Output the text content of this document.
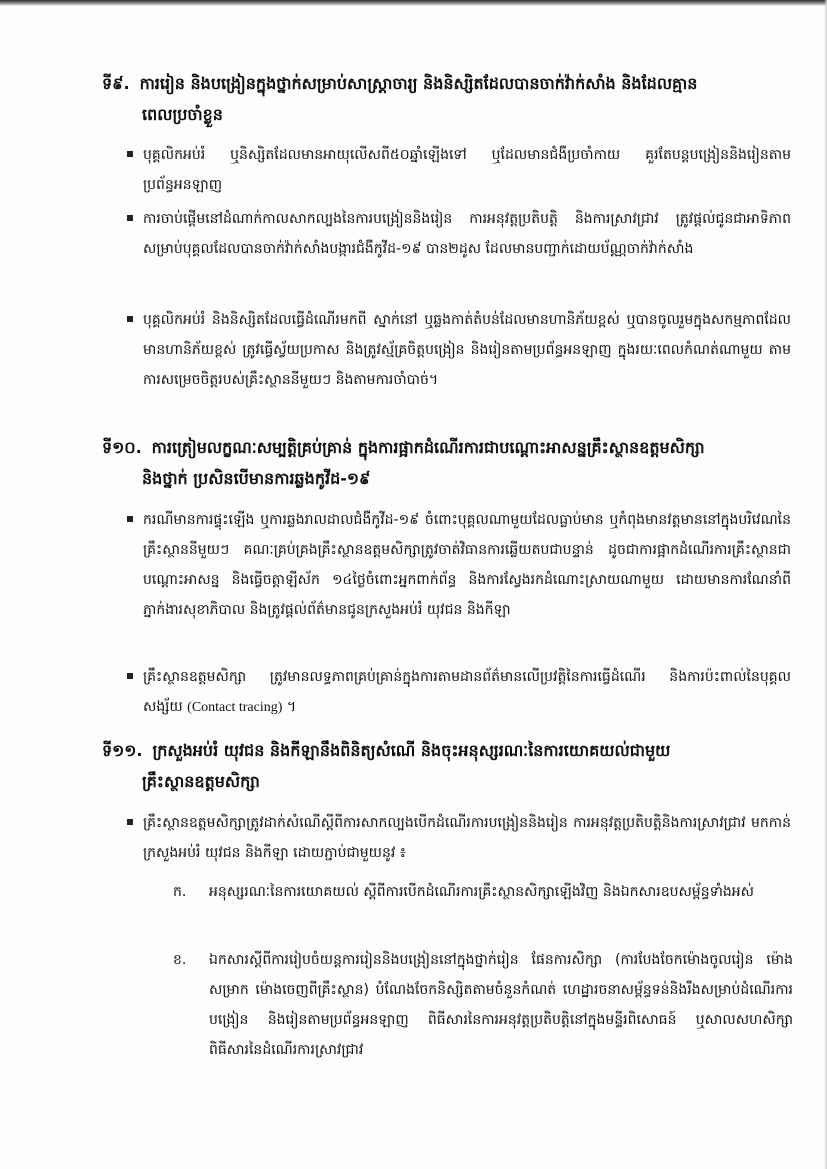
ទី៩. ការរៀន និងបង្រៀនក្នុងថ្នាក់សម្រាប់សាស្ត្រាចារ្យ និងនិស្សិតដែលបានចាក់វ៉ាក់សាំង និងដែលគ្មាន
ពេលប្រចាំខ្លួន

បុគ្គលិកអប់រំ ឬនិស្សិតដែលមានអាយុលើសពី៥០ឆ្នាំឡើងទៅ ឬដែលមានជំងឺប្រចាំកាយ គួរតែបន្តបង្រៀននិងរៀនតាមប្រព័ន្ធអនឡាញ

ការចាប់ផ្តើមនៅដំណាក់កាលសាកល្បងនៃការបង្រៀននិងរៀន ការអនុវត្តប្រតិបត្តិ និងការស្រាវជ្រាវ ត្រូវផ្តល់ជូនជាអាទិភាពសម្រាប់បុគ្គលដែលបានចាក់វ៉ាក់សាំងបង្ការជំងឺកូវីដ-១៩ បាន២ដូស ដែលមានបញ្ជាក់ដោយប័ណ្ណចាក់វ៉ាក់សាំង

បុគ្គលិកអប់រំ និងនិស្សិតដែលធ្វើដំណើរមកពី ស្នាក់នៅ ឬឆ្លងកាត់តំបន់ដែលមានហានិភ័យខ្ពស់ ឬបានចូលរួមក្នុងសកម្មភាពដែលមានហានិភ័យខ្ពស់ ត្រូវធ្វើស្វ័យប្រកាស និងត្រូវស្ម័គ្រចិត្តបង្រៀន និងរៀនតាមប្រព័ន្ធអនឡាញ ក្នុងរយៈពេលកំណត់ណាមួយ តាមការសម្រេចចិត្តរបស់គ្រឹះស្ថាននីមួយៗ និងតាមការចាំបាច់។

ទី១០. ការត្រៀមលក្ខណៈសម្បត្តិគ្រប់គ្រាន់ ក្នុងការផ្អាកដំណើរការជាបណ្តោះអាសន្នគ្រឹះស្ថានឧត្តមសិក្សា
និងថ្នាក់ ប្រសិនបើមានការឆ្លងកូវីដ-១៩

ករណីមានការផ្ទុះឡើង ឬការឆ្លងរាលដាលជំងឺកូវីដ-១៩ ចំពោះបុគ្គលណាមួយដែលធ្លាប់មាន ឬកំពុងមានវត្តមាននៅក្នុងបរិវេណនៃគ្រឹះស្ថាននីមួយៗ គណៈគ្រប់គ្រងគ្រឹះស្ថានឧត្តមសិក្សាត្រូវចាត់វិធានការឆ្លើយតបជាបន្ទាន់ ដូចជាការផ្អាកដំណើរការគ្រឹះស្ថានជាបណ្តោះអាសន្ន និងធ្វើចត្តាឡីស័ក ១៤ថ្ងៃចំពោះអ្នកពាក់ព័ន្ធ និងការស្វែងរកដំណោះស្រាយណាមួយ ដោយមានការណែនាំពីភ្នាក់ងារសុខាភិបាល និងត្រូវផ្តល់ព័ត៌មានជូនក្រសួងអប់រំ យុវជន និងកីឡា

គ្រឹះស្ថានឧត្តមសិក្សា ត្រូវមានលទ្ធភាពគ្រប់គ្រាន់ក្នុងការតាមដានព័ត៌មានលើប្រវត្តិនៃការធ្វើដំណើរ និងការប៉ះពាល់នៃបុគ្គលសង្ស័យ (Contact tracing) ។

ទី១១. ក្រសួងអប់រំ យុវជន និងកីឡានឹងពិនិត្យសំណើ និងចុះអនុស្សរណៈនៃការយោគយល់ជាមួយ
គ្រឹះស្ថានឧត្តមសិក្សា

គ្រឹះស្ថានឧត្តមសិក្សាត្រូវដាក់សំណើស្តីពីការសាកល្បងបើកដំណើរការបង្រៀននិងរៀន ការអនុវត្តប្រតិបត្តិនិងការស្រាវជ្រាវ មកកាន់ក្រសួងអប់រំ យុវជន និងកីឡា ដោយភ្ជាប់ជាមួយនូវ ៖

ក.	អនុស្សរណៈនៃការយោគយល់ ស្តីពីការបើកដំណើរការគ្រឹះស្ថានសិក្សាឡើងវិញ និងឯកសារឧបសម្ព័ន្ធទាំងអស់

ខ.	ឯកសារស្តីពីការរៀបចំយន្តការរៀននិងបង្រៀននៅក្នុងថ្នាក់រៀន ផែនការសិក្សា (ការបែងចែកម៉ោងចូលរៀន ម៉ោងសម្រាក ម៉ោងចេញពីគ្រឹះស្ថាន) បំណែងចែកនិស្សិតតាមចំនួនកំណត់ ហេដ្ឋារចនាសម្ព័ន្ធទន់និងរឹងសម្រាប់ដំណើរការបង្រៀន និងរៀនតាមប្រព័ន្ធអនឡាញ ពិធីសារនៃការអនុវត្តប្រតិបត្តិនៅក្នុងមន្ទីរពិសោធន៍ ឬសាលសហសិក្សា ពិធីសារនៃដំណើរការស្រាវជ្រាវ
